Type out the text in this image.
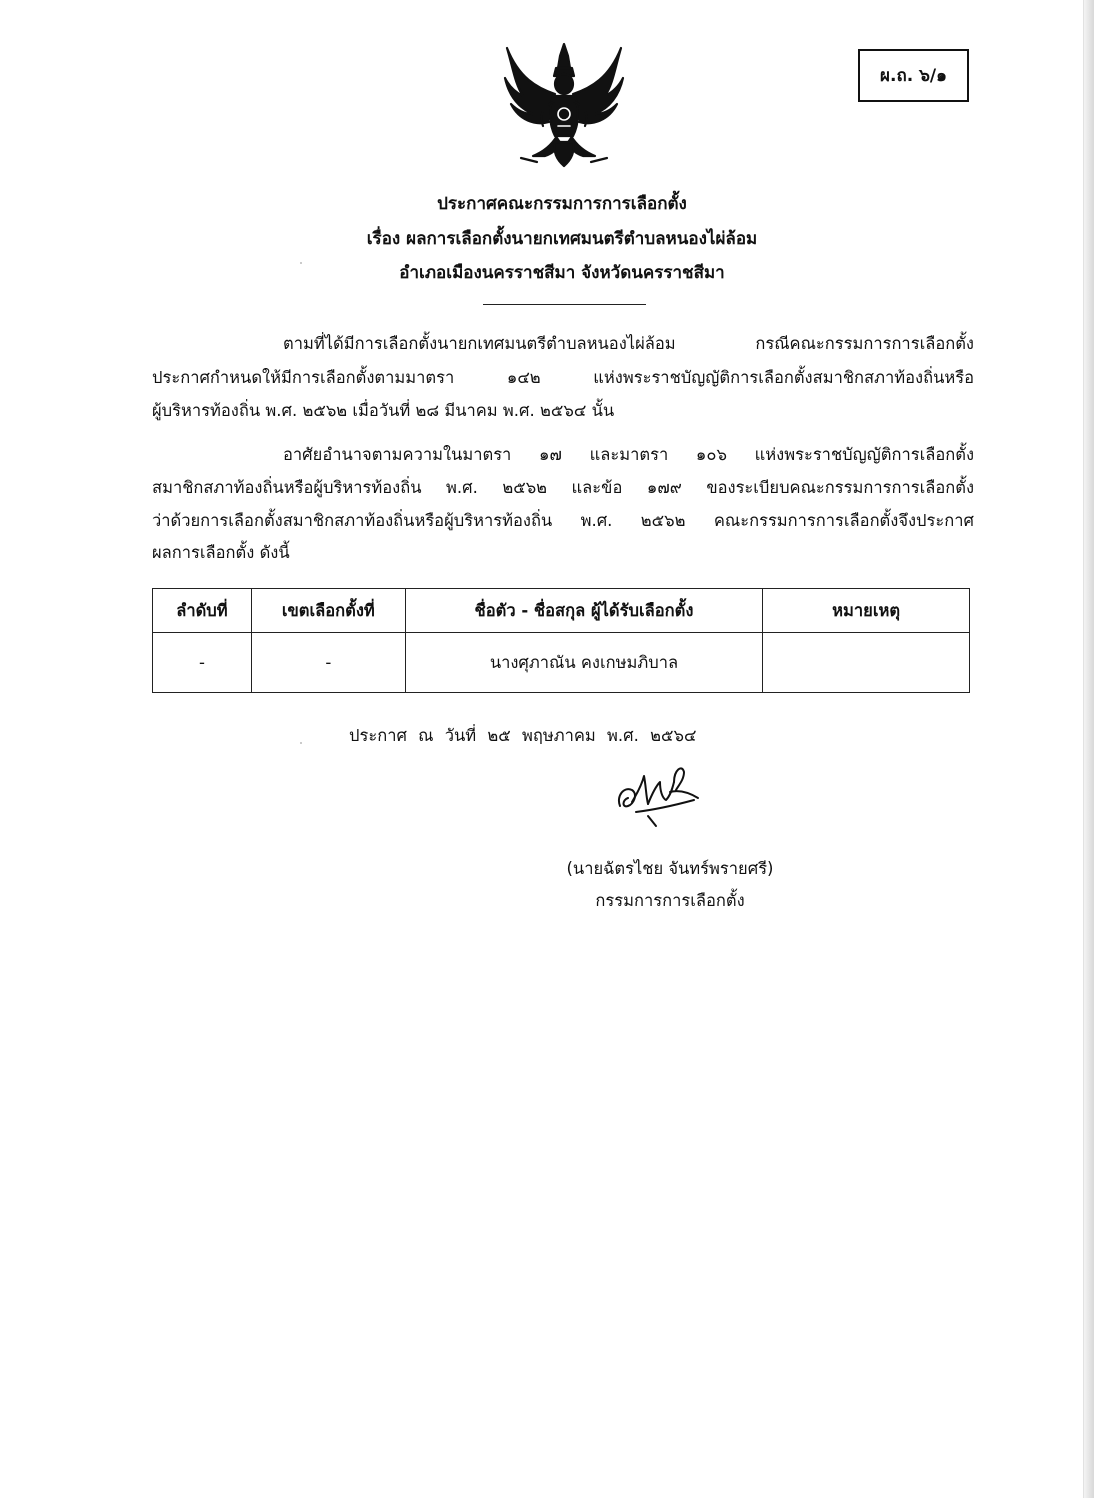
ผ.ถ. ๖/๑
ประกาศคณะกรรมการการเลือกตั้ง
เรื่อง ผลการเลือกตั้งนายกเทศมนตรีตำบลหนองไผ่ล้อม
อำเภอเมืองนครราชสีมา จังหวัดนครราชสีมา
ตามที่ได้มีการเลือกตั้งนายกเทศมนตรีตำบลหนองไผ่ล้อม กรณีคณะกรรมการการเลือกตั้ง
ประกาศกำหนดให้มีการเลือกตั้งตามมาตรา ๑๔๒ แห่งพระราชบัญญัติการเลือกตั้งสมาชิกสภาท้องถิ่นหรือ
ผู้บริหารท้องถิ่น พ.ศ. ๒๕๖๒ เมื่อวันที่ ๒๘ มีนาคม พ.ศ. ๒๕๖๔ นั้น
อาศัยอำนาจตามความในมาตรา ๑๗ และมาตรา ๑๐๖ แห่งพระราชบัญญัติการเลือกตั้ง
สมาชิกสภาท้องถิ่นหรือผู้บริหารท้องถิ่น พ.ศ. ๒๕๖๒ และข้อ ๑๗๙ ของระเบียบคณะกรรมการการเลือกตั้ง
ว่าด้วยการเลือกตั้งสมาชิกสภาท้องถิ่นหรือผู้บริหารท้องถิ่น พ.ศ. ๒๕๖๒ คณะกรรมการการเลือกตั้งจึงประกาศ
ผลการเลือกตั้ง ดังนี้
ลำดับที่	เขตเลือกตั้งที่	ชื่อตัว - ชื่อสกุล ผู้ได้รับเลือกตั้ง	หมายเหตุ
-	-	นางศุภาณัน คงเกษมภิบาล	
ประกาศ ณ วันที่ ๒๕ พฤษภาคม พ.ศ. ๒๕๖๔
(นายฉัตรไชย จันทร์พรายศรี)
กรรมการการเลือกตั้ง
